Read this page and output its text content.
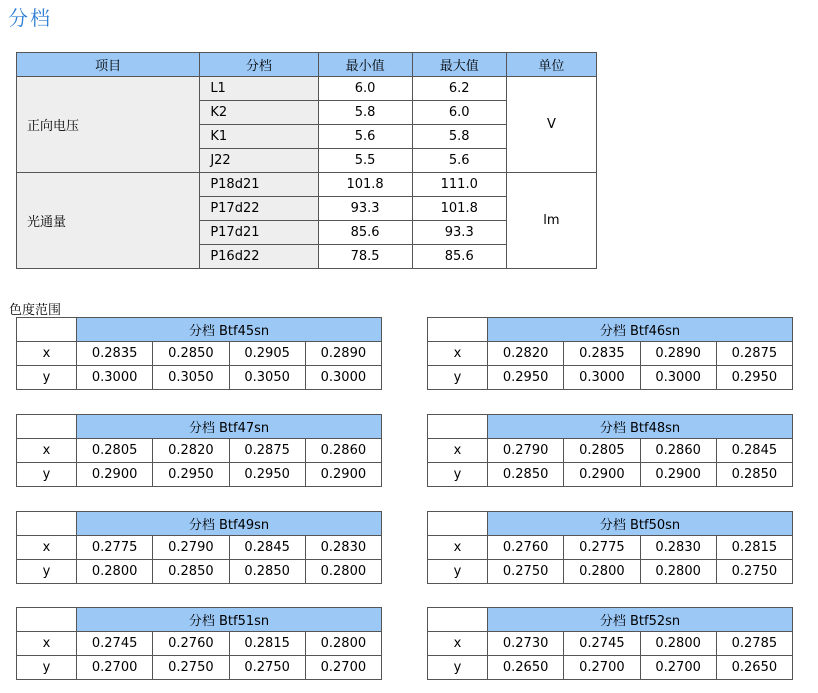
分档
项目	分档	最小值	最大值	单位
正向电压	L1	6.0	6.2	V
	K2	5.8	6.0	
	K1	5.6	5.8	
	J22	5.5	5.6	
光通量	P18d21	101.8	111.0	lm
	P17d22	93.3	101.8	
	P17d21	85.6	93.3	
	P16d22	78.5	85.6	
色度范围
	分档 Btf45sn			
x	0.2835	0.2850	0.2905	0.2890
y	0.3000	0.3050	0.3050	0.3000
	分档 Btf46sn			
x	0.2820	0.2835	0.2890	0.2875
y	0.2950	0.3000	0.3000	0.2950
	分档 Btf47sn			
x	0.2805	0.2820	0.2875	0.2860
y	0.2900	0.2950	0.2950	0.2900
	分档 Btf48sn			
x	0.2790	0.2805	0.2860	0.2845
y	0.2850	0.2900	0.2900	0.2850
	分档 Btf49sn			
x	0.2775	0.2790	0.2845	0.2830
y	0.2800	0.2850	0.2850	0.2800
	分档 Btf50sn			
x	0.2760	0.2775	0.2830	0.2815
y	0.2750	0.2800	0.2800	0.2750
	分档 Btf51sn			
x	0.2745	0.2760	0.2815	0.2800
y	0.2700	0.2750	0.2750	0.2700
	分档 Btf52sn			
x	0.2730	0.2745	0.2800	0.2785
y	0.2650	0.2700	0.2700	0.2650
